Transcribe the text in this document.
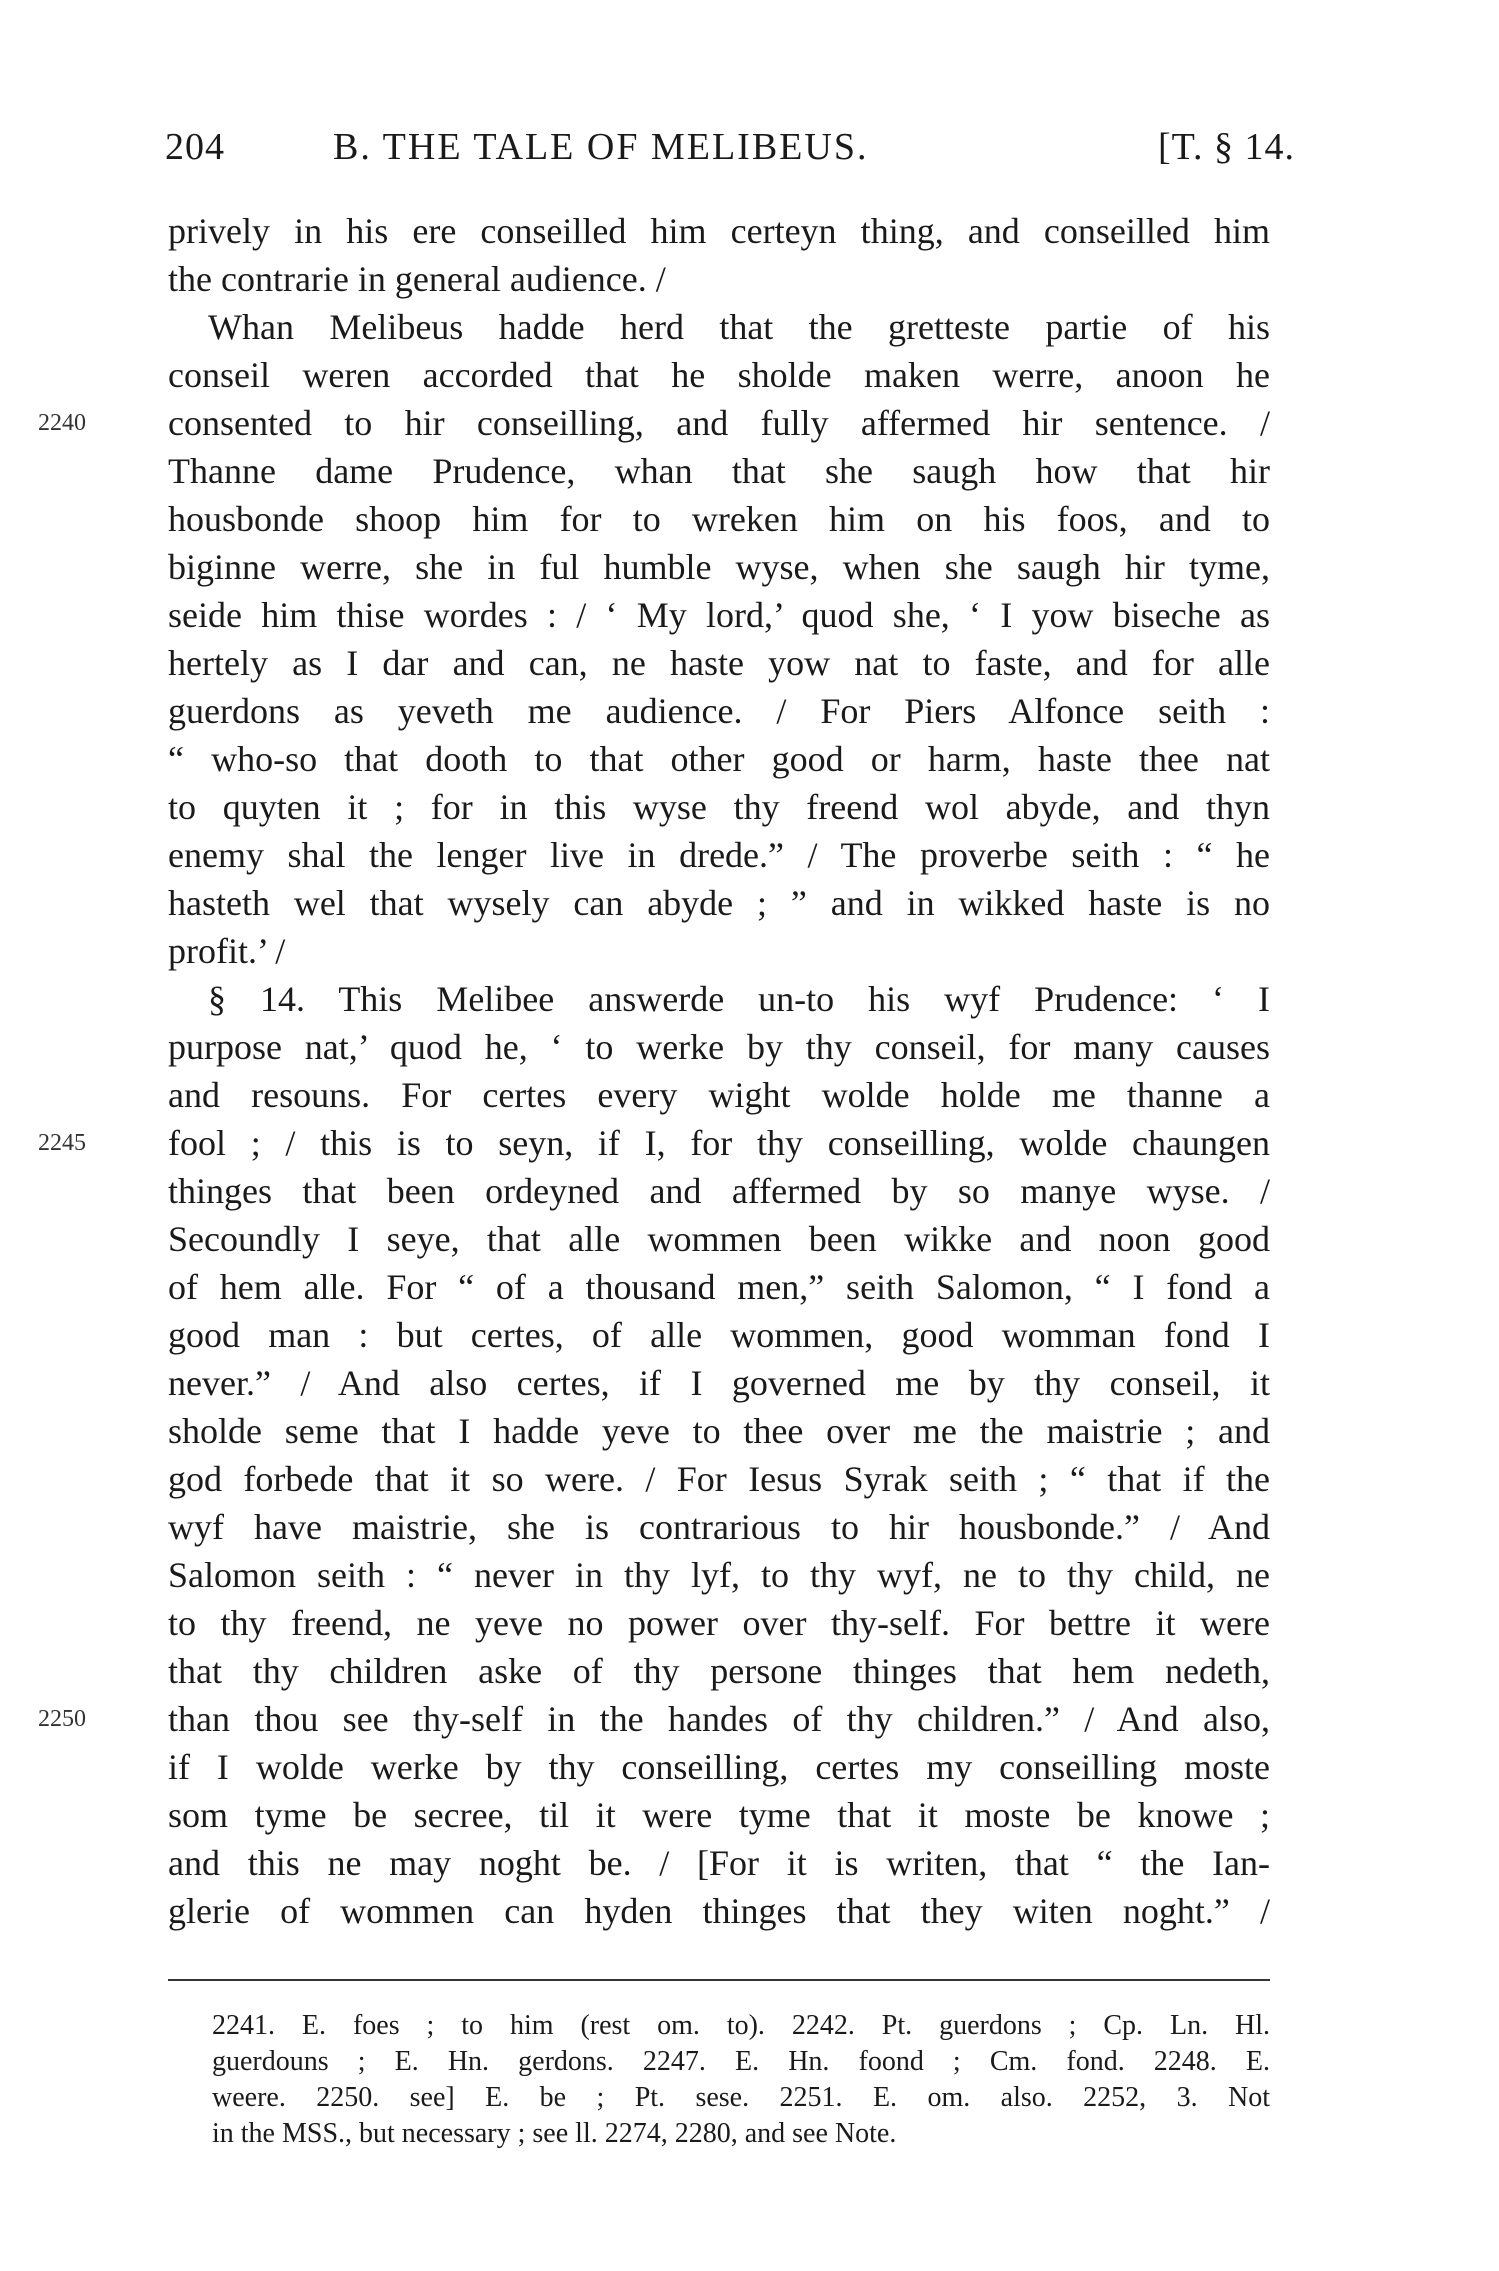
204	B. THE TALE OF MELIBEUS.	[T. § 14.
prively in his ere conseilled him certeyn thing, and conseilled him
the contrarie in general audience. /
Whan Melibeus hadde herd that the gretteste partie of his
conseil weren accorded that he sholde maken werre, anoon he
2240	consented to hir conseilling, and fully affermed hir sentence. /
Thanne dame Prudence, whan that she saugh how that hir
housbonde shoop him for to wreken him on his foos, and to
biginne werre, she in ful humble wyse, when she saugh hir tyme,
seide him thise wordes : / ‘ My lord,’ quod she, ‘ I yow biseche as
hertely as I dar and can, ne haste yow nat to faste, and for alle
guerdons as yeveth me audience. / For Piers Alfonce seith :
“ who-so that dooth to that other good or harm, haste thee nat
to quyten it ; for in this wyse thy freend wol abyde, and thyn
enemy shal the lenger live in drede.” / The proverbe seith : “ he
hasteth wel that wysely can abyde ; ” and in wikked haste is no
profit.’ /
§ 14. This Melibee answerde un-to his wyf Prudence: ‘ I
purpose nat,’ quod he, ‘ to werke by thy conseil, for many causes
and resouns. For certes every wight wolde holde me thanne a
2245	fool ; / this is to seyn, if I, for thy conseilling, wolde chaungen
thinges that been ordeyned and affermed by so manye wyse. /
Secoundly I seye, that alle wommen been wikke and noon good
of hem alle. For “ of a thousand men,” seith Salomon, “ I fond a
good man : but certes, of alle wommen, good womman fond I
never.” / And also certes, if I governed me by thy conseil, it
sholde seme that I hadde yeve to thee over me the maistrie ; and
god forbede that it so were. / For Iesus Syrak seith ; “ that if the
wyf have maistrie, she is contrarious to hir housbonde.” / And
Salomon seith : “ never in thy lyf, to thy wyf, ne to thy child, ne
to thy freend, ne yeve no power over thy-self. For bettre it were
that thy children aske of thy persone thinges that hem nedeth,
2250	than thou see thy-self in the handes of thy children.” / And also,
if I wolde werke by thy conseilling, certes my conseilling moste
som tyme be secree, til it were tyme that it moste be knowe ;
and this ne may noght be. / [For it is writen, that “ the Ian-
glerie of wommen can hyden thinges that they witen noght.” /
2241. E. foes ; to him (rest om. to). 2242. Pt. guerdons ; Cp. Ln. Hl.
guerdouns ; E. Hn. gerdons. 2247. E. Hn. foond ; Cm. fond. 2248. E.
weere. 2250. see] E. be ; Pt. sese. 2251. E. om. also. 2252, 3. Not
in the MSS., but necessary ; see ll. 2274, 2280, and see Note.
